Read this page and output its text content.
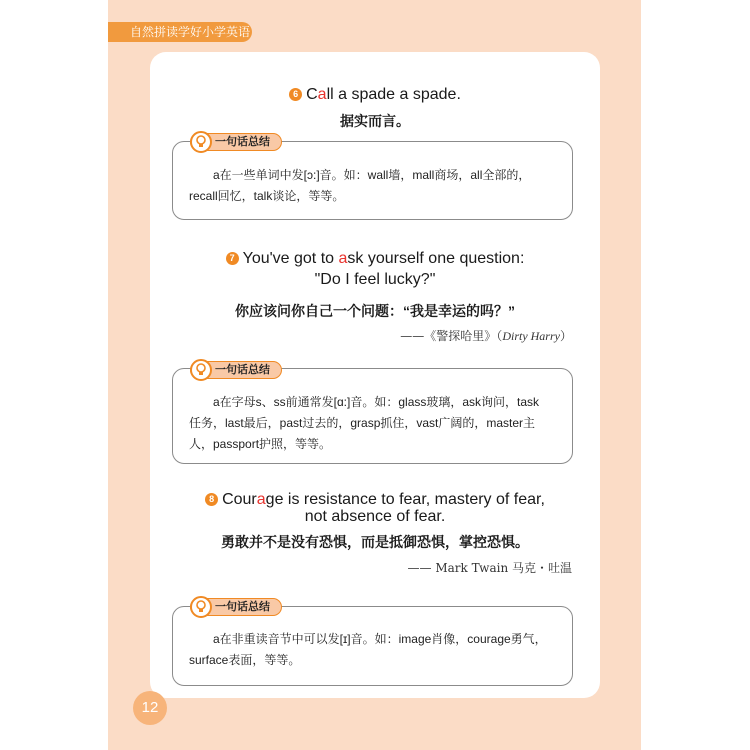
自然拼读学好小学英语
6 Call a spade a spade.
据实而言。
a在一些单词中发[ɔ:]音。如：wall墙，mall商场，all全部的，
recall回忆，talk谈论，等等。
一句话总结
7 You've got to ask yourself one question:
"Do I feel lucky?"
你应该问你自己一个问题：“我是幸运的吗？”
——《警探哈里》（Dirty Harry）
a在字母s、ss前通常发[ɑ:]音。如：glass玻璃，ask询问，task
任务，last最后，past过去的，grasp抓住，vast广阔的，master主
人，passport护照，等等。
一句话总结
8 Courage is resistance to fear, mastery of fear,
not absence of fear.
勇敢并不是没有恐惧，而是抵御恐惧，掌控恐惧。
—— Mark Twain 马克・吐温
a在非重读音节中可以发[ɪ]音。如：image肖像，courage勇气，
surface表面，等等。
一句话总结
12
